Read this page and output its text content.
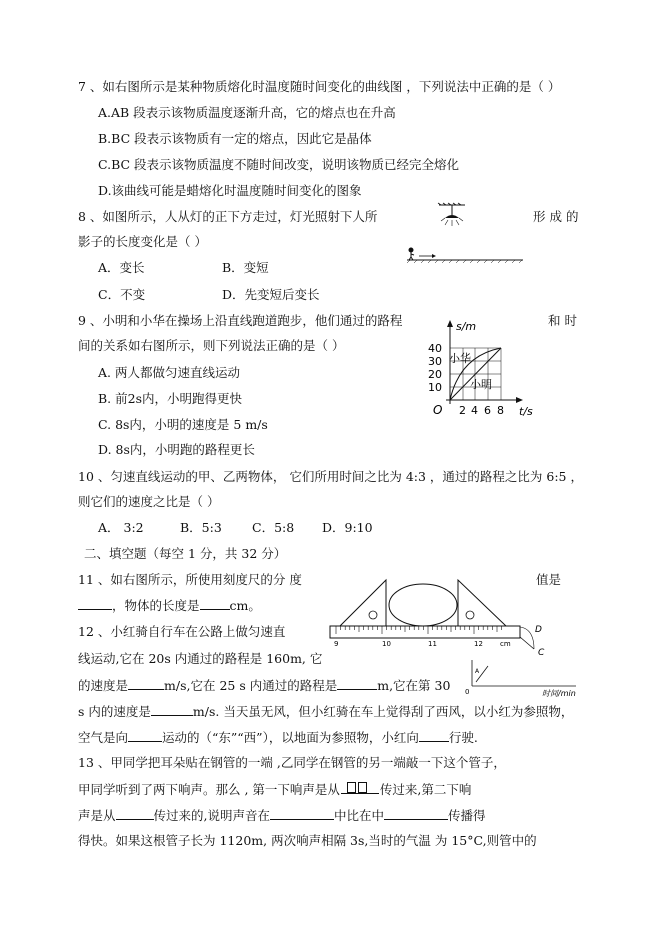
7 、如右图所示是某种物质熔化时温度随时间变化的曲线图 ，下列说法中正确的是（ ）
A.AB 段表示该物质温度逐渐升高，它的熔点也在升高
B.BC 段表示该物质有一定的熔点，因此它是晶体
C.BC 段表示该物质温度不随时间改变，说明该物质已经完全熔化
D.该曲线可能是蜡熔化时温度随时间变化的图象
8 、如图所示，人从灯的正下方走过，灯光照射下人所	形 成 的
影子的长度变化是（ ）
A．变长	B．变短
C．不变	D．先变短后变长
9 、小明和小华在操场上沿直线跑道跑步，他们通过的路程	和 时
间的关系如右图所示，则下列说法正确的是（ ）
A. 两人都做匀速直线运动
B. 前2s内，小明跑得更快
C. 8s内，小明的速度是 5 m/s
D. 8s内，小明跑的路程更长
s/m
t/s
O
40
30
20
10
2 4 6 8
小华
小明
10 、匀速直线运动的甲、乙两物体， 它们所用时间之比为 4:3 ，通过的路程之比为 6:5 ，
则它们的速度之比是（ ）
A． 3:2	B．5:3 C．5:8 D．9:10
二、填空题（每空 1 分，共 32 分）
11 、如右图所示，所使用刻度尺的分 度	值是
，物体的长度是 cm。
9	10	11	12 cm
D
C
12 、小红骑自行车在公路上做匀速直
线运动,它在 20s 内通过的路程是 160m, 它
的速度是	m/s,它在 25 s 内通过的路程是	m,它在第 30
s 内的速度是	m/s. 当天虽无风，但小红骑在车上觉得刮了西风，以小红为参照物，
空气是向	运动的（“东”“西”），以地面为参照物，小红向 行驶.
A
0	时间/min
13 、甲同学把耳朵贴在钢管的一端 ,乙同学在钢管的另一端敲一下这个管子，
甲同学听到了两下响声。那么 , 第一下响声是从	传过来,第二下响
声是从	传过来的,说明声音在	中比在中	传播得
得快。如果这根管子长为 1120m, 两次响声相隔 3s,当时的气温 为 15°C,则管中的
